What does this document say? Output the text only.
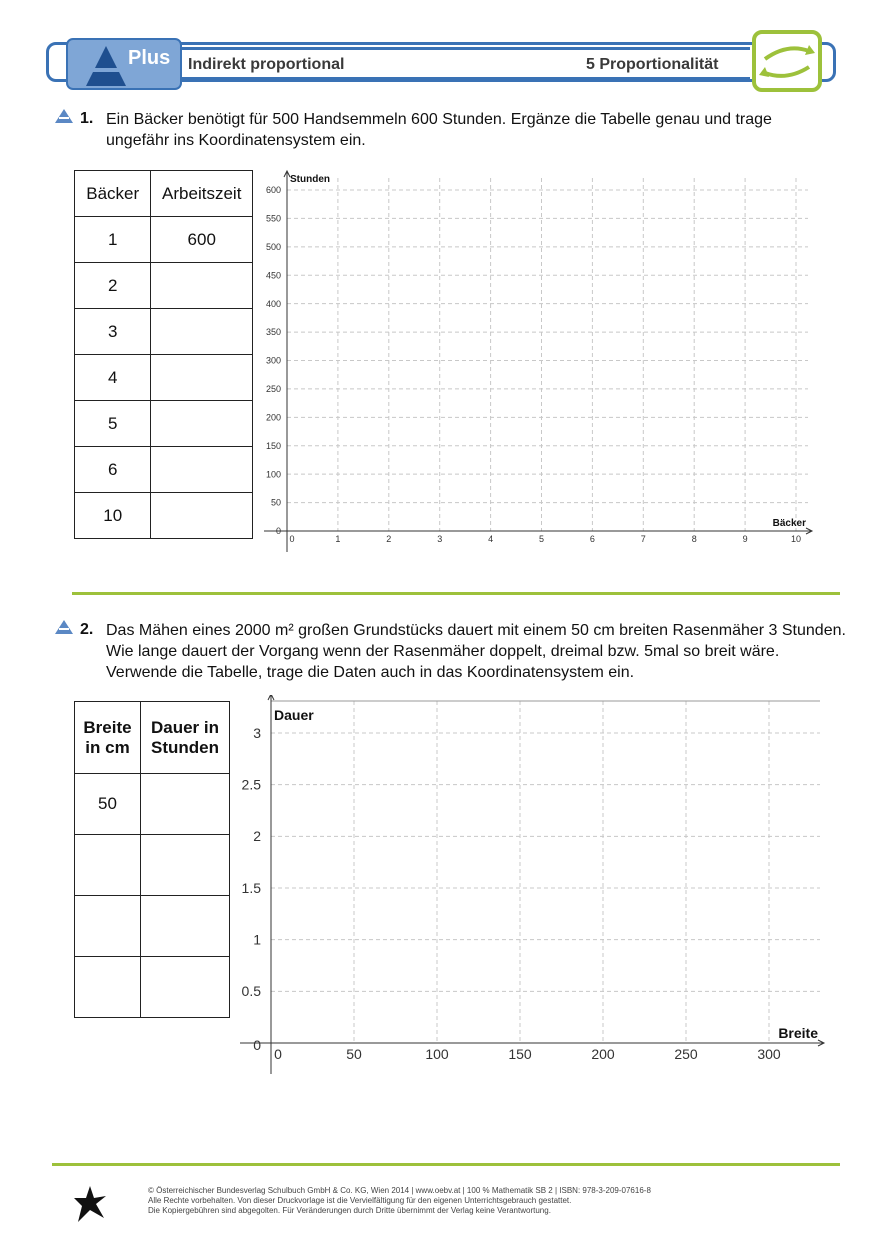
Plus Indirekt proportional	5 Proportionalität
1. Ein Bäcker benötigt für 500 Handsemmeln 600 Stunden. Ergänze die Tabelle genau und trage ungefähr ins Koordinatensystem ein.
Bäcker	Arbeitszeit
1	600
2	
3	
4	
5	
6	
10	
0	1	2	3	4	5	6	7	8	9	10
0
50
100
150
200
250
300
350
400
450
500
550
600
Stunden
Bäcker
2. Das Mähen eines 2000 m² großen Grundstücks dauert mit einem 50 cm breiten Rasenmäher 3 Stunden. Wie lange dauert der Vorgang wenn der Rasenmäher doppelt, dreimal bzw. 5mal so breit wäre. Verwende die Tabelle, trage die Daten auch in das Koordinatensystem ein.
Breite in cm	Dauer in Stunden
50	

0	50	100	150	200	250	300
0
0.5
1
1.5
2
2.5
3
Dauer
Breite
© Österreichischer Bundesverlag Schulbuch GmbH & Co. KG, Wien 2014 | www.oebv.at | 100 % Mathematik SB 2 | ISBN: 978-3-209-07616-8
Alle Rechte vorbehalten. Von dieser Druckvorlage ist die Vervielfältigung für den eigenen Unterrichtsgebrauch gestattet.
Die Kopiergebühren sind abgegolten. Für Veränderungen durch Dritte übernimmt der Verlag keine Verantwortung.
